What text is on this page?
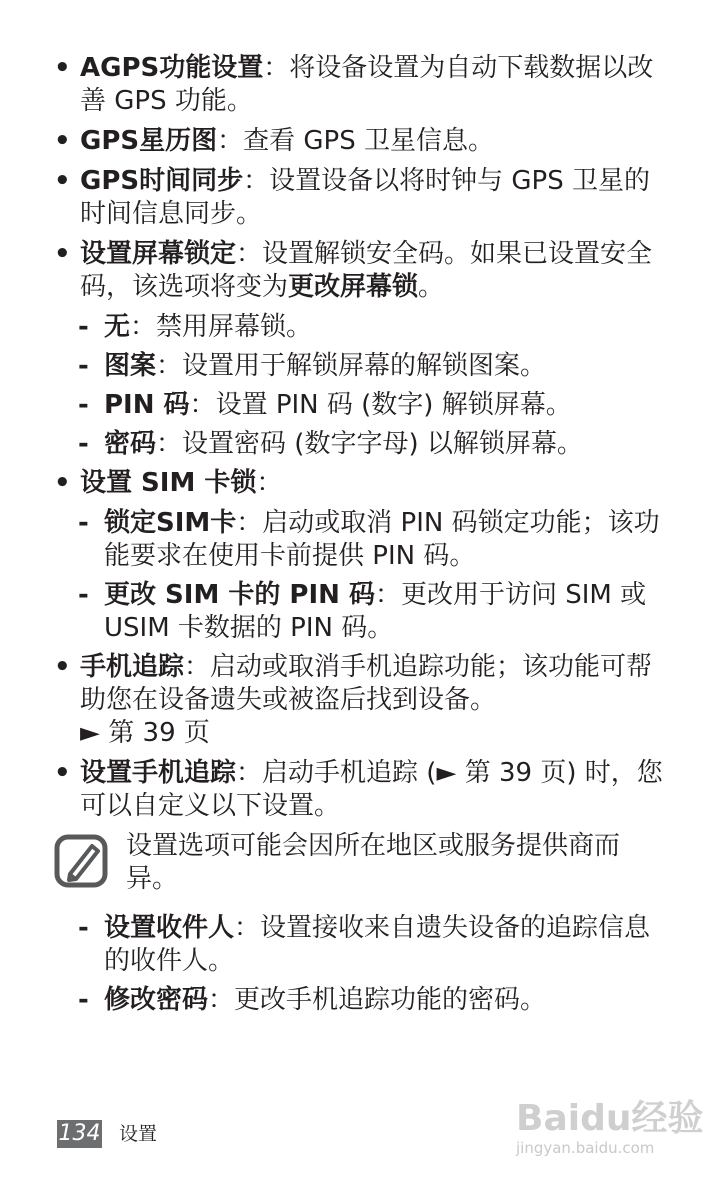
• AGPS功能设置：将设备设置为自动下载数据以改善 GPS 功能。
• GPS星历图：查看 GPS 卫星信息。
• GPS时间同步：设置设备以将时钟与 GPS 卫星的时间信息同步。
• 设置屏幕锁定：设置解锁安全码。如果已设置安全码，该选项将变为更改屏幕锁。
- 无：禁用屏幕锁。
- 图案：设置用于解锁屏幕的解锁图案。
- PIN 码：设置 PIN 码 (数字) 解锁屏幕。
- 密码：设置密码 (数字字母) 以解锁屏幕。
• 设置 SIM 卡锁：
- 锁定SIM卡：启动或取消 PIN 码锁定功能；该功能要求在使用卡前提供 PIN 码。
- 更改 SIM 卡的 PIN 码：更改用于访问 SIM 或 USIM 卡数据的 PIN 码。
• 手机追踪：启动或取消手机追踪功能；该功能可帮助您在设备遗失或被盗后找到设备。
► 第 39 页
• 设置手机追踪：启动手机追踪 (► 第 39 页) 时，您可以自定义以下设置。
设置选项可能会因所在地区或服务提供商而异。
- 设置收件人：设置接收来自遗失设备的追踪信息的收件人。
- 修改密码：更改手机追踪功能的密码。
134 设置	Baidu经验
jingyan.baidu.com
